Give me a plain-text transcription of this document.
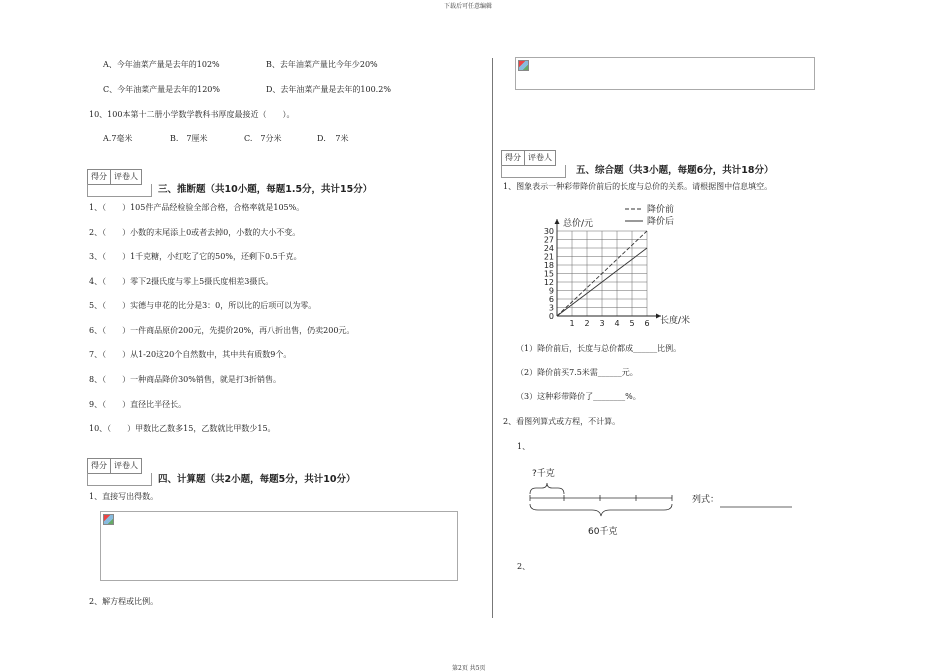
下载后可任意编辑
A、今年油菜产量是去年的102%	B、去年油菜产量比今年少20%
C、今年油菜产量是去年的120%	D、去年油菜产量是去年的100.2%
10、100本第十二册小学数学教科书厚度最接近（　　）。
A.7毫米	B.　7厘米	C.　7分米	D．　7米
得分 评卷人
三、推断题（共10小题，每题1.5分，共计15分）
1、（　　）105件产品经检验全部合格，合格率就是105%。
2、（　　）小数的末尾添上0或者去掉0，小数的大小不变。
3、（　　）1千克糖，小红吃了它的50%，还剩下0.5千克。
4、（　　）零下2摄氏度与零上5摄氏度相差3摄氏。
5、（　　）实德与申花的比分是3：0，所以比的后项可以为零。
6、（　　）一件商品原价200元，先提价20%，再八折出售，仍卖200元。
7、（　　）从1-20这20个自然数中，其中共有质数9个。
8、（　　）一种商品降价30%销售，就是打3折销售。
9、（　　）直径比半径长。
10、（　　）甲数比乙数多15，乙数就比甲数少15。
得分 评卷人
四、计算题（共2小题，每题5分，共计10分）
1、直接写出得数。
2、解方程或比例。
得分 评卷人
五、综合题（共3小题，每题6分，共计18分）
1、图象表示一种彩带降价前后的长度与总价的关系。请根据图中信息填空。
总价/元
长度/米
0
3
6
9
12
15
18
21
24
27
30
1 2 3 4 5 6
降价前
降价后
（1）降价前后，长度与总价都成______比例。
（2）降价前买7.5米需______元。
（3）这种彩带降价了________%。
2、看图列算式或方程，不计算。
1、
?千克
60千克
列式：
2、
第2页 共5页
